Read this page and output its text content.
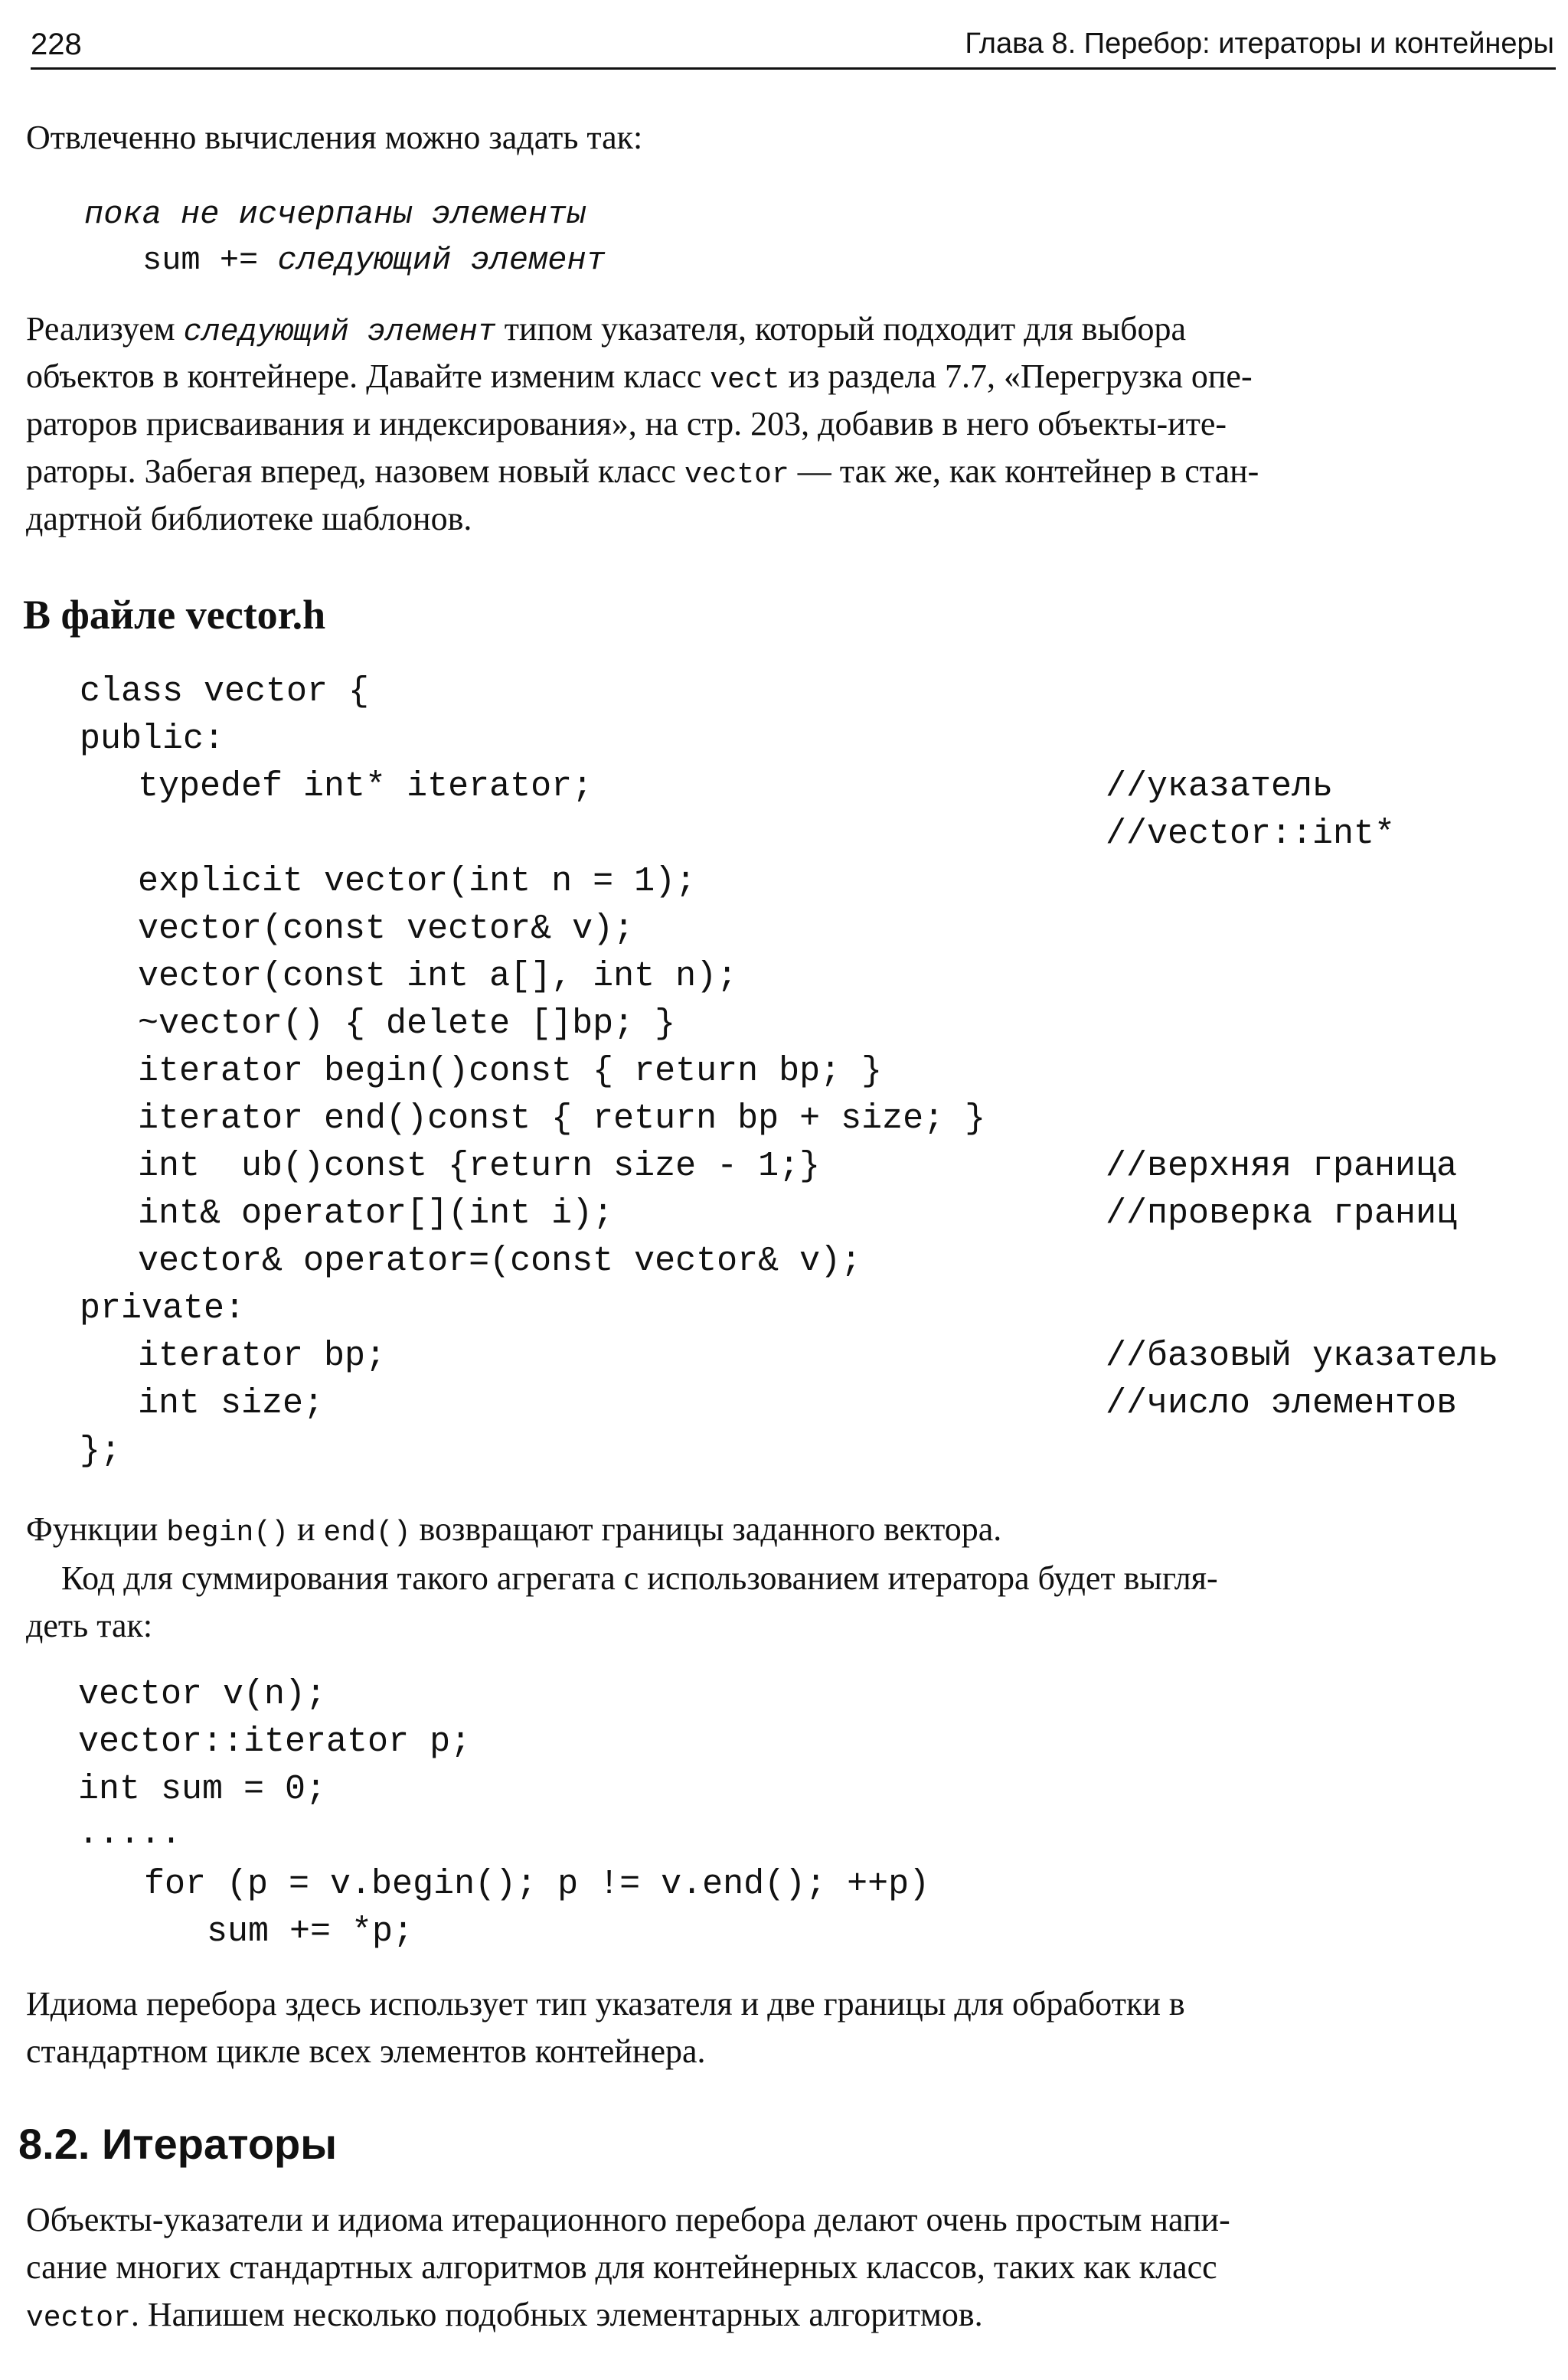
228	Глава 8. Перебор: итераторы и контейнеры
Отвлеченно вычисления можно задать так:
пока не исчерпаны элементы
sum += следующий элемент
Реализуем следующий элемент типом указателя, который подходит для выбора
объектов в контейнере. Давайте изменим класс vect из раздела 7.7, «Перегрузка опе-
раторов присваивания и индексирования», на стр. 203, добавив в него объекты-ите-
раторы. Забегая вперед, назовем новый класс vector — так же, как контейнер в стан-
дартной библиотеке шаблонов.
В файле vector.h
class vector {
public:
typedef int* iterator;
explicit vector(int n = 1);
vector(const vector& v);
vector(const int a[], int n);
~vector() { delete []bp; }
iterator begin()const { return bp; }
iterator end()const { return bp + size; }
int  ub()const {return size - 1;}
int& operator[](int i);
vector& operator=(const vector& v);
private:
iterator bp;
int size;
};
//указатель
//vector::int*
//верхняя граница
//проверка границ
//базовый указатель
//число элементов
Функции begin() и end() возвращают границы заданного вектора.
Код для суммирования такого агрегата с использованием итератора будет выгля-
деть так:
vector v(n);
vector::iterator p;
int sum = 0;
.....
for (p = v.begin(); p != v.end(); ++p)
sum += *p;
Идиома перебора здесь использует тип указателя и две границы для обработки в
стандартном цикле всех элементов контейнера.
8.2. Итераторы
Объекты-указатели и идиома итерационного перебора делают очень простым напи-
сание многих стандартных алгоритмов для контейнерных классов, таких как класс
vector. Напишем несколько подобных элементарных алгоритмов.
